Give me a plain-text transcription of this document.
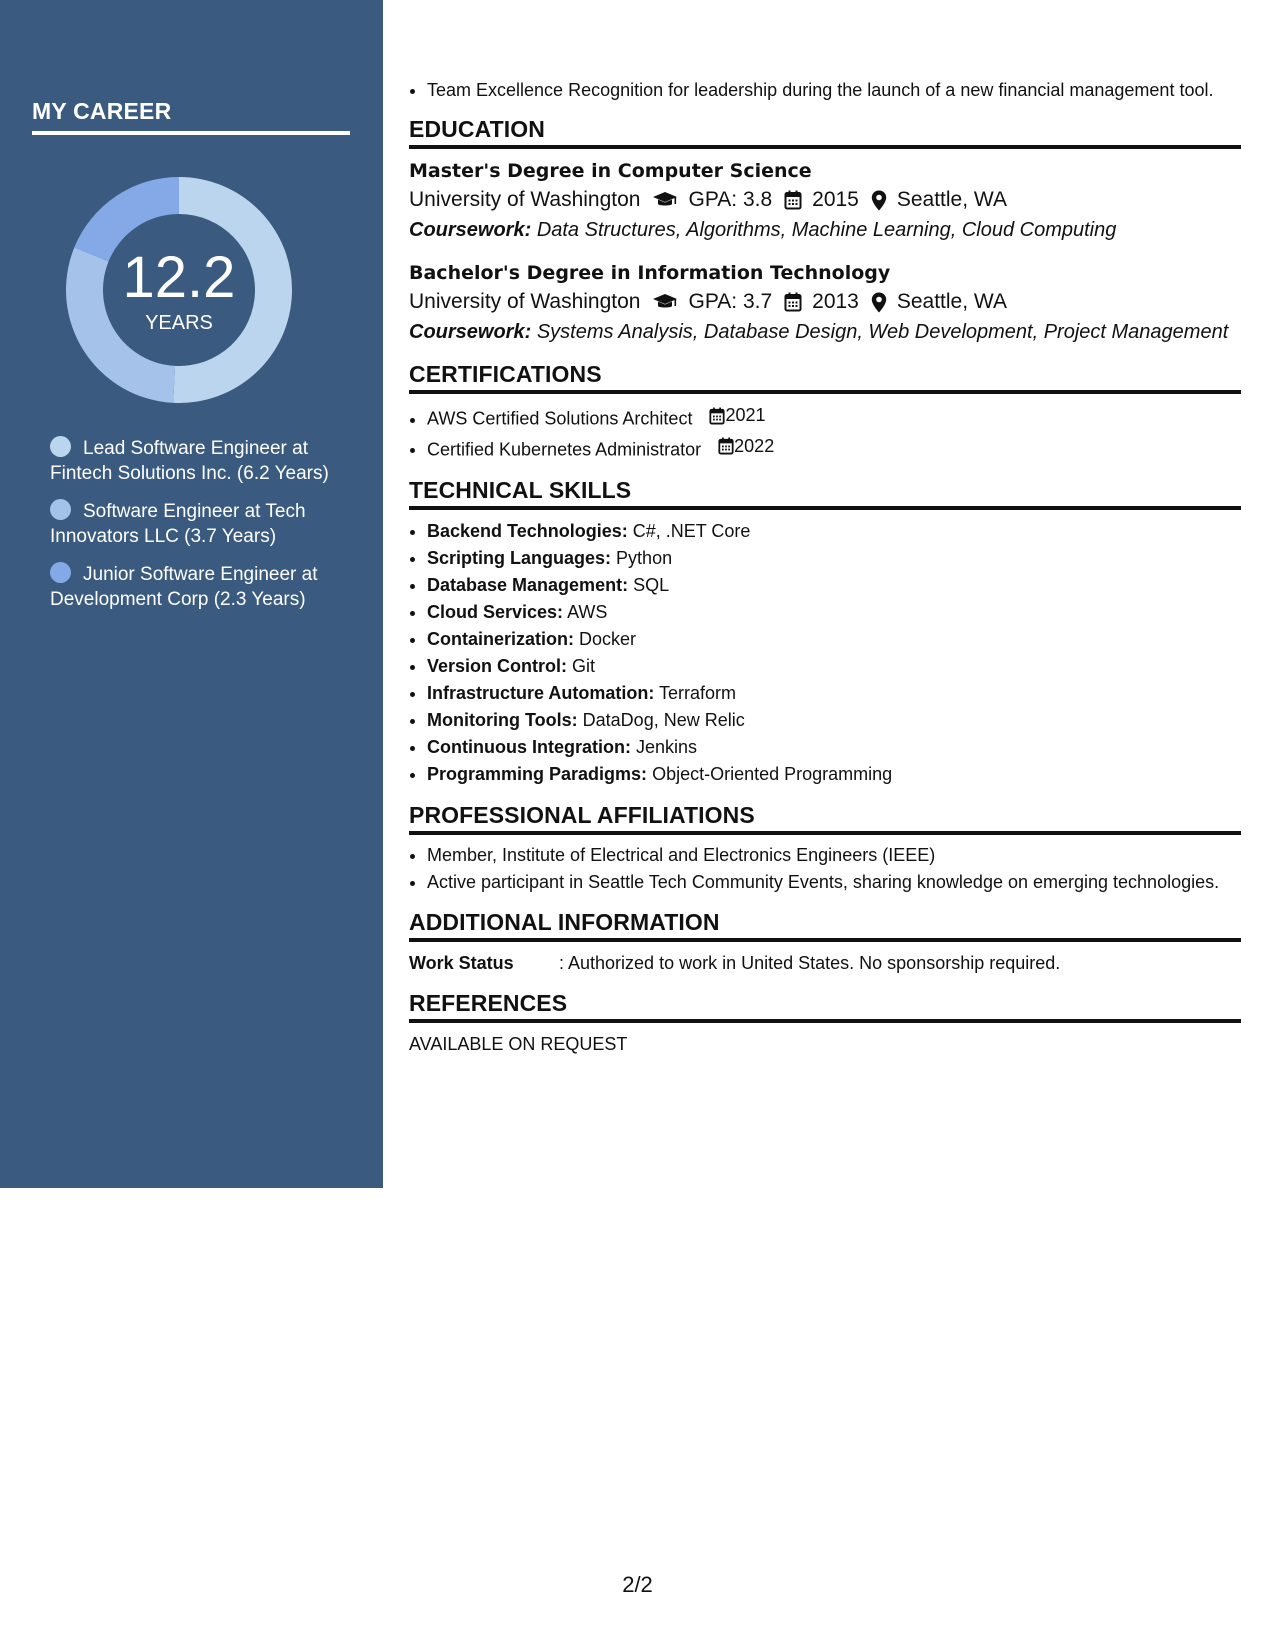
MY CAREER
12.2
YEARS
Lead Software Engineer at Fintech Solutions Inc. (6.2 Years)
Software Engineer at Tech Innovators LLC (3.7 Years)
Junior Software Engineer at Development Corp (2.3 Years)
• Team Excellence Recognition for leadership during the launch of a new financial management tool.
EDUCATION
Master's Degree in Computer Science
University of Washington GPA: 3.8 2015 Seattle, WA
Coursework: Data Structures, Algorithms, Machine Learning, Cloud Computing
Bachelor's Degree in Information Technology
University of Washington GPA: 3.7 2013 Seattle, WA
Coursework: Systems Analysis, Database Design, Web Development, Project Management
CERTIFICATIONS
• AWS Certified Solutions Architect 2021
• Certified Kubernetes Administrator 2022
TECHNICAL SKILLS
• Backend Technologies: C#, .NET Core
• Scripting Languages: Python
• Database Management: SQL
• Cloud Services: AWS
• Containerization: Docker
• Version Control: Git
• Infrastructure Automation: Terraform
• Monitoring Tools: DataDog, New Relic
• Continuous Integration: Jenkins
• Programming Paradigms: Object-Oriented Programming
PROFESSIONAL AFFILIATIONS
• Member, Institute of Electrical and Electronics Engineers (IEEE)
• Active participant in Seattle Tech Community Events, sharing knowledge on emerging technologies.
ADDITIONAL INFORMATION
Work Status	: Authorized to work in United States. No sponsorship required.
REFERENCES
AVAILABLE ON REQUEST
2/2
